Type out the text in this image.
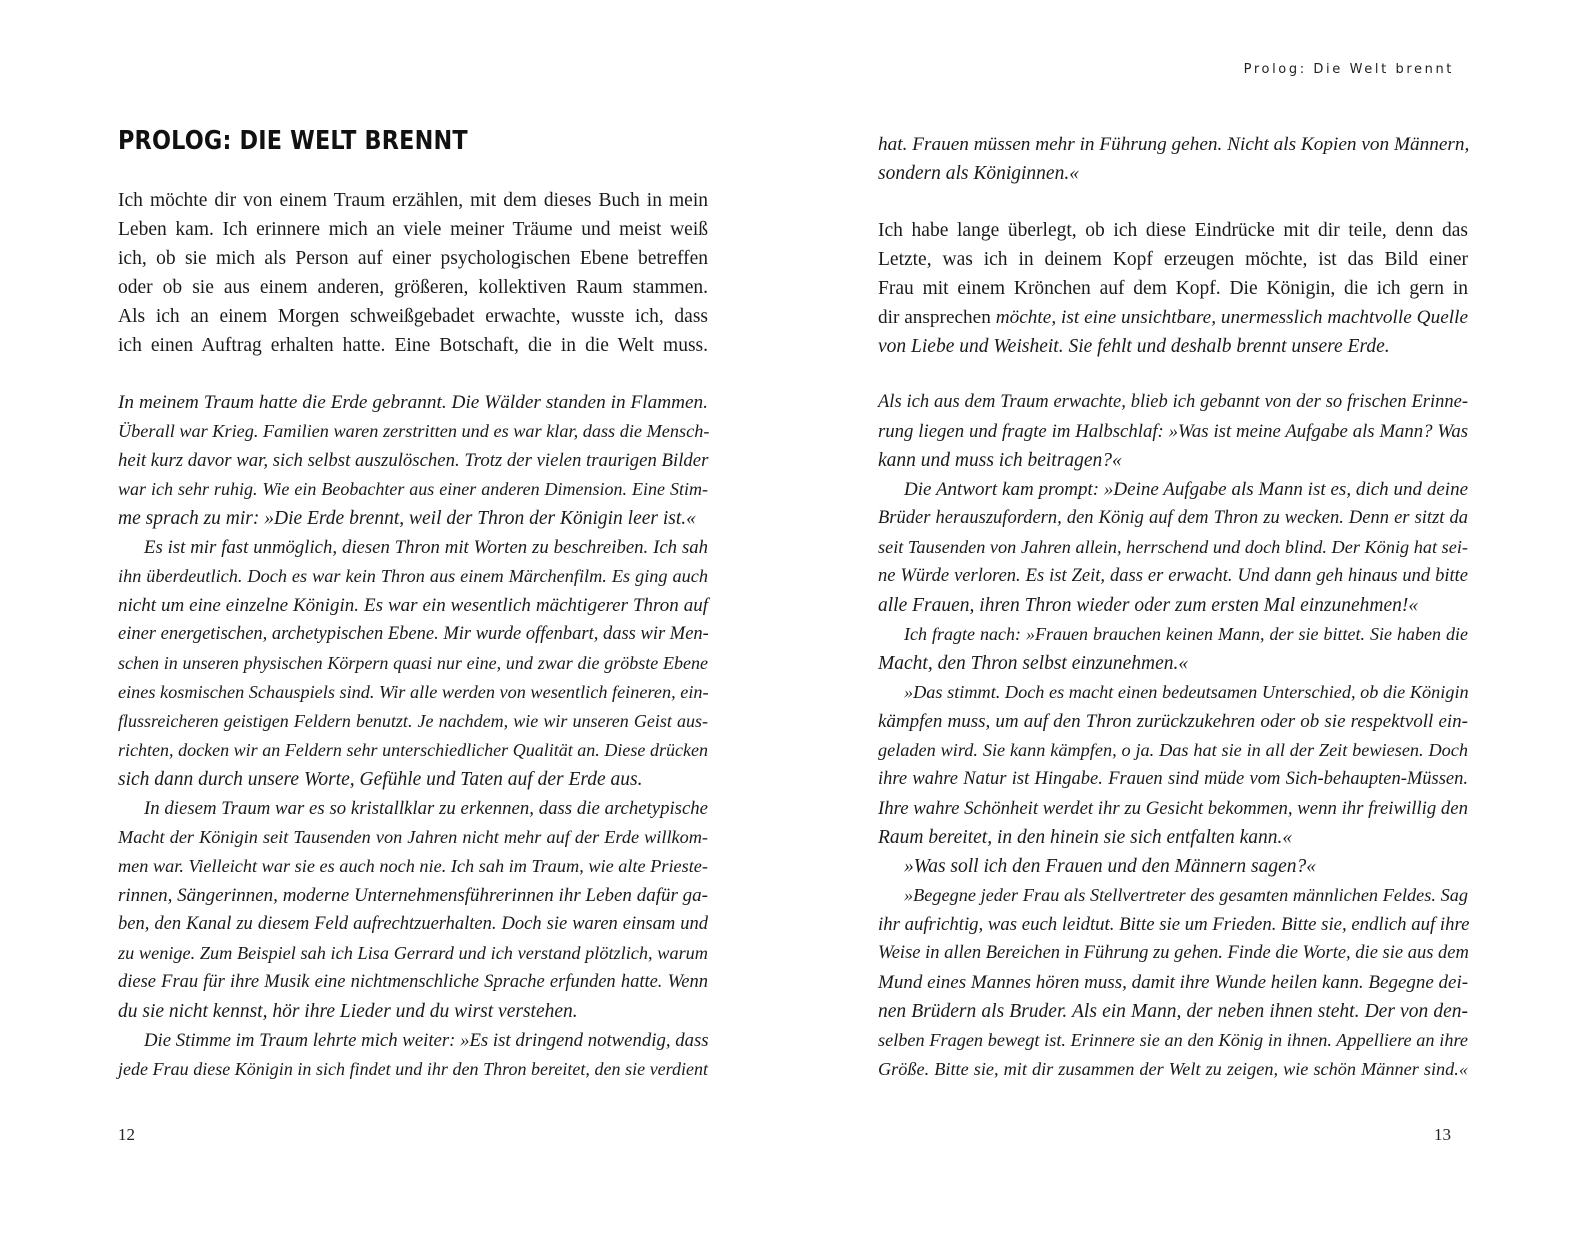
PROLOG: DIE WELT BRENNT
Ich möchte dir von einem Traum erzählen, mit dem dieses Buch in mein
Leben kam. Ich erinnere mich an viele meiner Träume und meist weiß
ich, ob sie mich als Person auf einer psychologischen Ebene betreffen
oder ob sie aus einem anderen, größeren, kollektiven Raum stammen.
Als ich an einem Morgen schweißgebadet erwachte, wusste ich, dass
ich einen Auftrag erhalten hatte. Eine Botschaft, die in die Welt muss.
In meinem Traum hatte die Erde gebrannt. Die Wälder standen in Flammen.
Überall war Krieg. Familien waren zerstritten und es war klar, dass die Mensch-
heit kurz davor war, sich selbst auszulöschen. Trotz der vielen traurigen Bilder
war ich sehr ruhig. Wie ein Beobachter aus einer anderen Dimension. Eine Stim-
me sprach zu mir: »Die Erde brennt, weil der Thron der Königin leer ist.«
Es ist mir fast unmöglich, diesen Thron mit Worten zu beschreiben. Ich sah
ihn überdeutlich. Doch es war kein Thron aus einem Märchenfilm. Es ging auch
nicht um eine einzelne Königin. Es war ein wesentlich mächtigerer Thron auf
einer energetischen, archetypischen Ebene. Mir wurde offenbart, dass wir Men-
schen in unseren physischen Körpern quasi nur eine, und zwar die gröbste Ebene
eines kosmischen Schauspiels sind. Wir alle werden von wesentlich feineren, ein-
flussreicheren geistigen Feldern benutzt. Je nachdem, wie wir unseren Geist aus-
richten, docken wir an Feldern sehr unterschiedlicher Qualität an. Diese drücken
sich dann durch unsere Worte, Gefühle und Taten auf der Erde aus.
In diesem Traum war es so kristallklar zu erkennen, dass die archetypische
Macht der Königin seit Tausenden von Jahren nicht mehr auf der Erde willkom-
men war. Vielleicht war sie es auch noch nie. Ich sah im Traum, wie alte Prieste-
rinnen, Sängerinnen, moderne Unternehmensführerinnen ihr Leben dafür ga-
ben, den Kanal zu diesem Feld aufrechtzuerhalten. Doch sie waren einsam und
zu wenige. Zum Beispiel sah ich Lisa Gerrard und ich verstand plötzlich, warum
diese Frau für ihre Musik eine nichtmenschliche Sprache erfunden hatte. Wenn
du sie nicht kennst, hör ihre Lieder und du wirst verstehen.
Die Stimme im Traum lehrte mich weiter: »Es ist dringend notwendig, dass
jede Frau diese Königin in sich findet und ihr den Thron bereitet, den sie verdient
12
Prolog: Die Welt brennt
hat. Frauen müssen mehr in Führung gehen. Nicht als Kopien von Männern,
sondern als Königinnen.«
Ich habe lange überlegt, ob ich diese Eindrücke mit dir teile, denn das
Letzte, was ich in deinem Kopf erzeugen möchte, ist das Bild einer
Frau mit einem Krönchen auf dem Kopf. Die Königin, die ich gern in
dir ansprechen möchte, ist eine unsichtbare, unermesslich machtvolle Quelle
von Liebe und Weisheit. Sie fehlt und deshalb brennt unsere Erde.
Als ich aus dem Traum erwachte, blieb ich gebannt von der so frischen Erinne-
rung liegen und fragte im Halbschlaf: »Was ist meine Aufgabe als Mann? Was
kann und muss ich beitragen?«
Die Antwort kam prompt: »Deine Aufgabe als Mann ist es, dich und deine
Brüder herauszufordern, den König auf dem Thron zu wecken. Denn er sitzt da
seit Tausenden von Jahren allein, herrschend und doch blind. Der König hat sei-
ne Würde verloren. Es ist Zeit, dass er erwacht. Und dann geh hinaus und bitte
alle Frauen, ihren Thron wieder oder zum ersten Mal einzunehmen!«
Ich fragte nach: »Frauen brauchen keinen Mann, der sie bittet. Sie haben die
Macht, den Thron selbst einzunehmen.«
»Das stimmt. Doch es macht einen bedeutsamen Unterschied, ob die Königin
kämpfen muss, um auf den Thron zurückzukehren oder ob sie respektvoll ein-
geladen wird. Sie kann kämpfen, o ja. Das hat sie in all der Zeit bewiesen. Doch
ihre wahre Natur ist Hingabe. Frauen sind müde vom Sich-behaupten-Müssen.
Ihre wahre Schönheit werdet ihr zu Gesicht bekommen, wenn ihr freiwillig den
Raum bereitet, in den hinein sie sich entfalten kann.«
»Was soll ich den Frauen und den Männern sagen?«
»Begegne jeder Frau als Stellvertreter des gesamten männlichen Feldes. Sag
ihr aufrichtig, was euch leidtut. Bitte sie um Frieden. Bitte sie, endlich auf ihre
Weise in allen Bereichen in Führung zu gehen. Finde die Worte, die sie aus dem
Mund eines Mannes hören muss, damit ihre Wunde heilen kann. Begegne dei-
nen Brüdern als Bruder. Als ein Mann, der neben ihnen steht. Der von den-
selben Fragen bewegt ist. Erinnere sie an den König in ihnen. Appelliere an ihre
Größe. Bitte sie, mit dir zusammen der Welt zu zeigen, wie schön Männer sind.«
13
